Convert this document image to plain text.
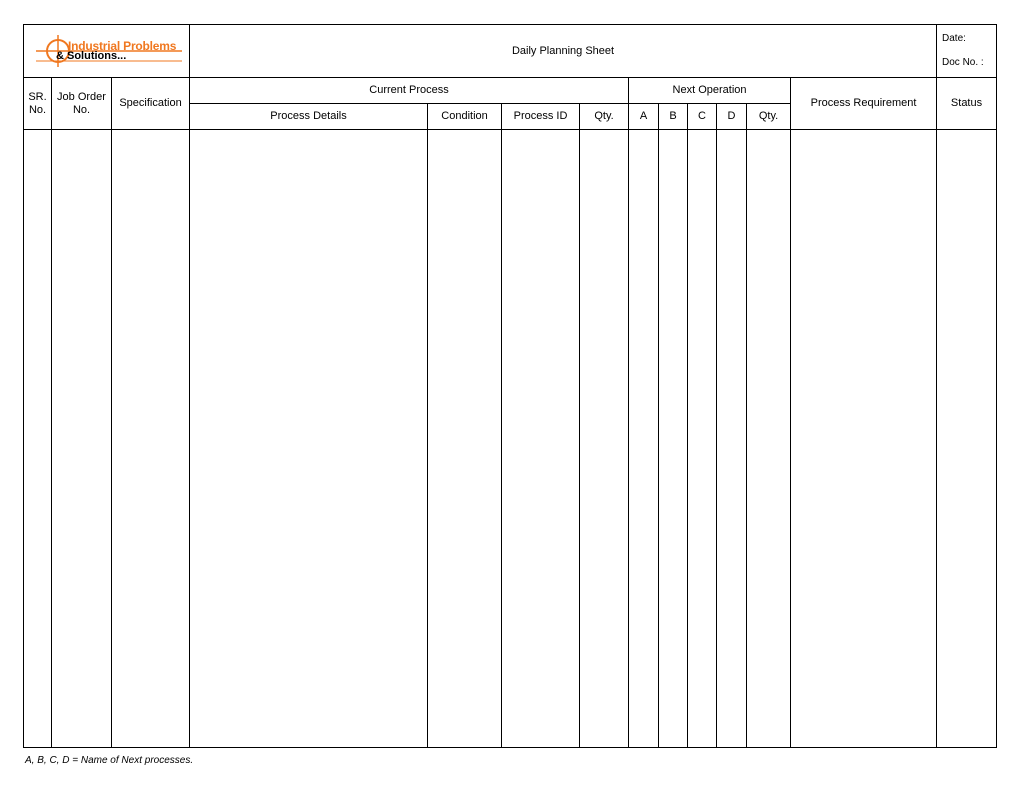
Industrial Problems
& Solutions...			Daily Planning Sheet										Date:
Doc No. :

SR. No.	Job Order No.	Specification	Current Process				Next Operation					Process Requirement	Status
			Process Details	Condition	Process ID	Qty.	A	B	C	D	Qty.		

A, B, C, D = Name of Next processes.
